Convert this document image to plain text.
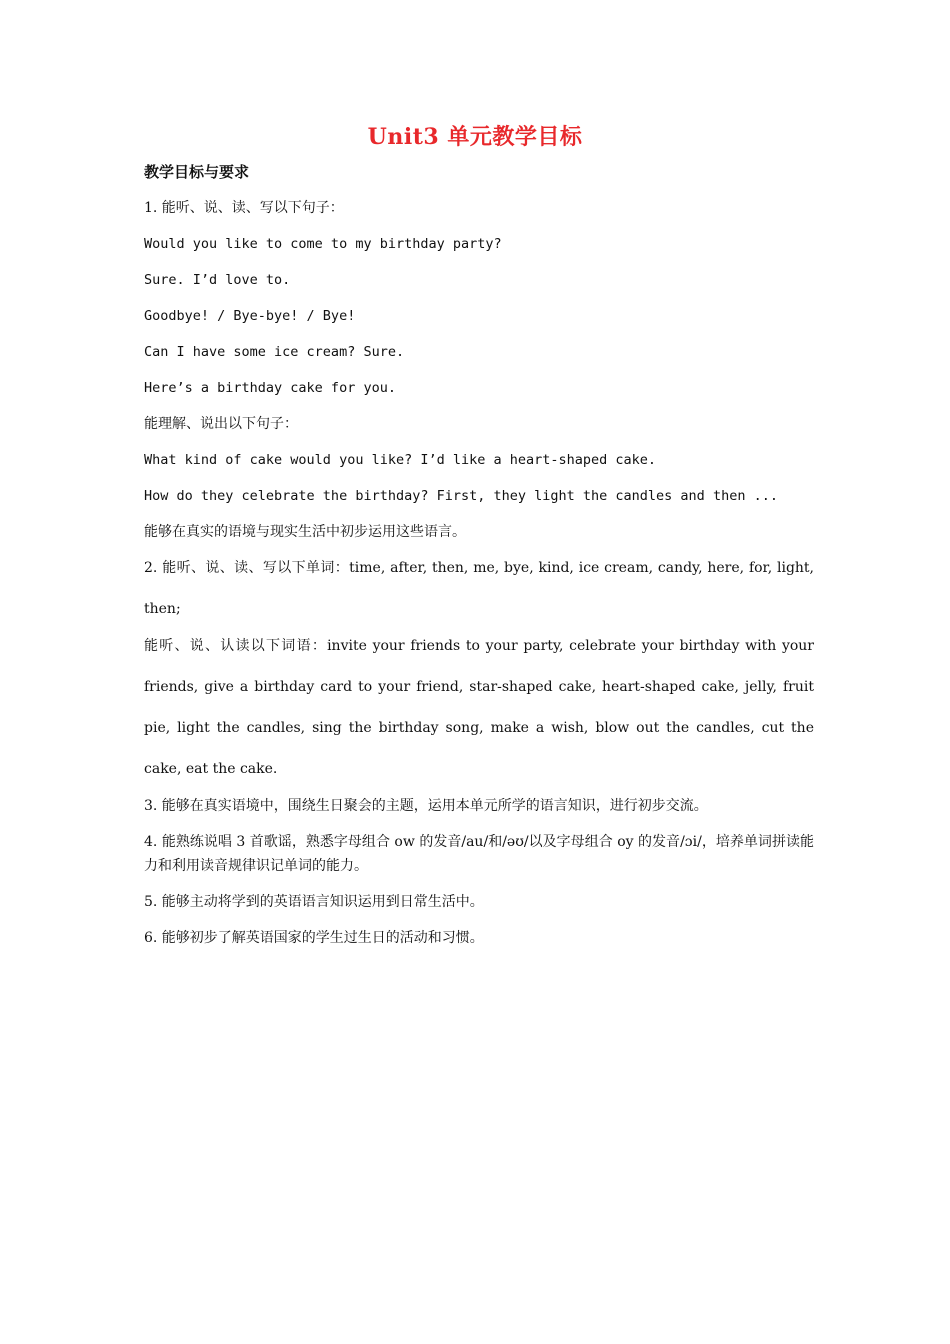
Unit3 单元教学目标
教学目标与要求

1. 能听、说、读、写以下句子：

Would you like to come to my birthday party?

Sure. I’d love to.

Goodbye! / Bye-bye! / Bye!

Can I have some ice cream? Sure.

Here’s a birthday cake for you.

能理解、说出以下句子：

What kind of cake would you like? I’d like a heart-shaped cake.

How do they celebrate the birthday? First, they light the candles and then ...

能够在真实的语境与现实生活中初步运用这些语言。

2. 能听、说、读、写以下单词：time, after, then, me, bye, kind, ice cream, candy, here, for, light, then;

能听、说、认读以下词语：invite your friends to your party, celebrate your birthday with your friends, give a birthday card to your friend, star-shaped cake, heart-shaped cake, jelly, fruit pie, light the candles, sing the birthday song, make a wish, blow out the candles, cut the cake, eat the cake.

3. 能够在真实语境中，围绕生日聚会的主题，运用本单元所学的语言知识，进行初步交流。

4. 能熟练说唱 3 首歌谣，熟悉字母组合 ow 的发音/au/和/əʊ/以及字母组合 oy 的发音/ɔi/，培养单词拼读能力和利用读音规律识记单词的能力。

5. 能够主动将学到的英语语言知识运用到日常生活中。

6. 能够初步了解英语国家的学生过生日的活动和习惯。
